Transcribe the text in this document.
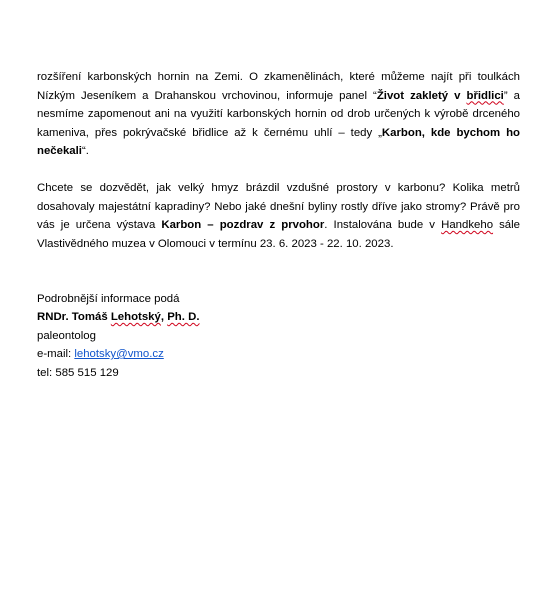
rozšíření karbonských hornin na Zemi. O zkamenělinách, které můžeme najít při toulkách Nízkým Jeseníkem a Drahanskou vrchovinou, informuje panel “Život zakletý v břidlici” a nesmíme zapomenout ani na využití karbonských hornin od drob určených k výrobě drceného kameniva, přes pokrývačské břidlice až k černému uhlí – tedy „Karbon, kde bychom ho nečekali“.

Chcete se dozvědět, jak velký hmyz brázdil vzdušné prostory v karbonu? Kolika metrů dosahovaly majestátní kapradiny? Nebo jaké dnešní byliny rostly dříve jako stromy? Právě pro vás je určena výstava Karbon – pozdrav z prvohor. Instalována bude v Handkeho sále Vlastivědného muzea v Olomouci v termínu 23. 6. 2023 - 22. 10. 2023.

Podrobnější informace podá

RNDr. Tomáš Lehotský, Ph. D.

paleontolog

e-mail: lehotsky@vmo.cz

tel: 585 515 129
